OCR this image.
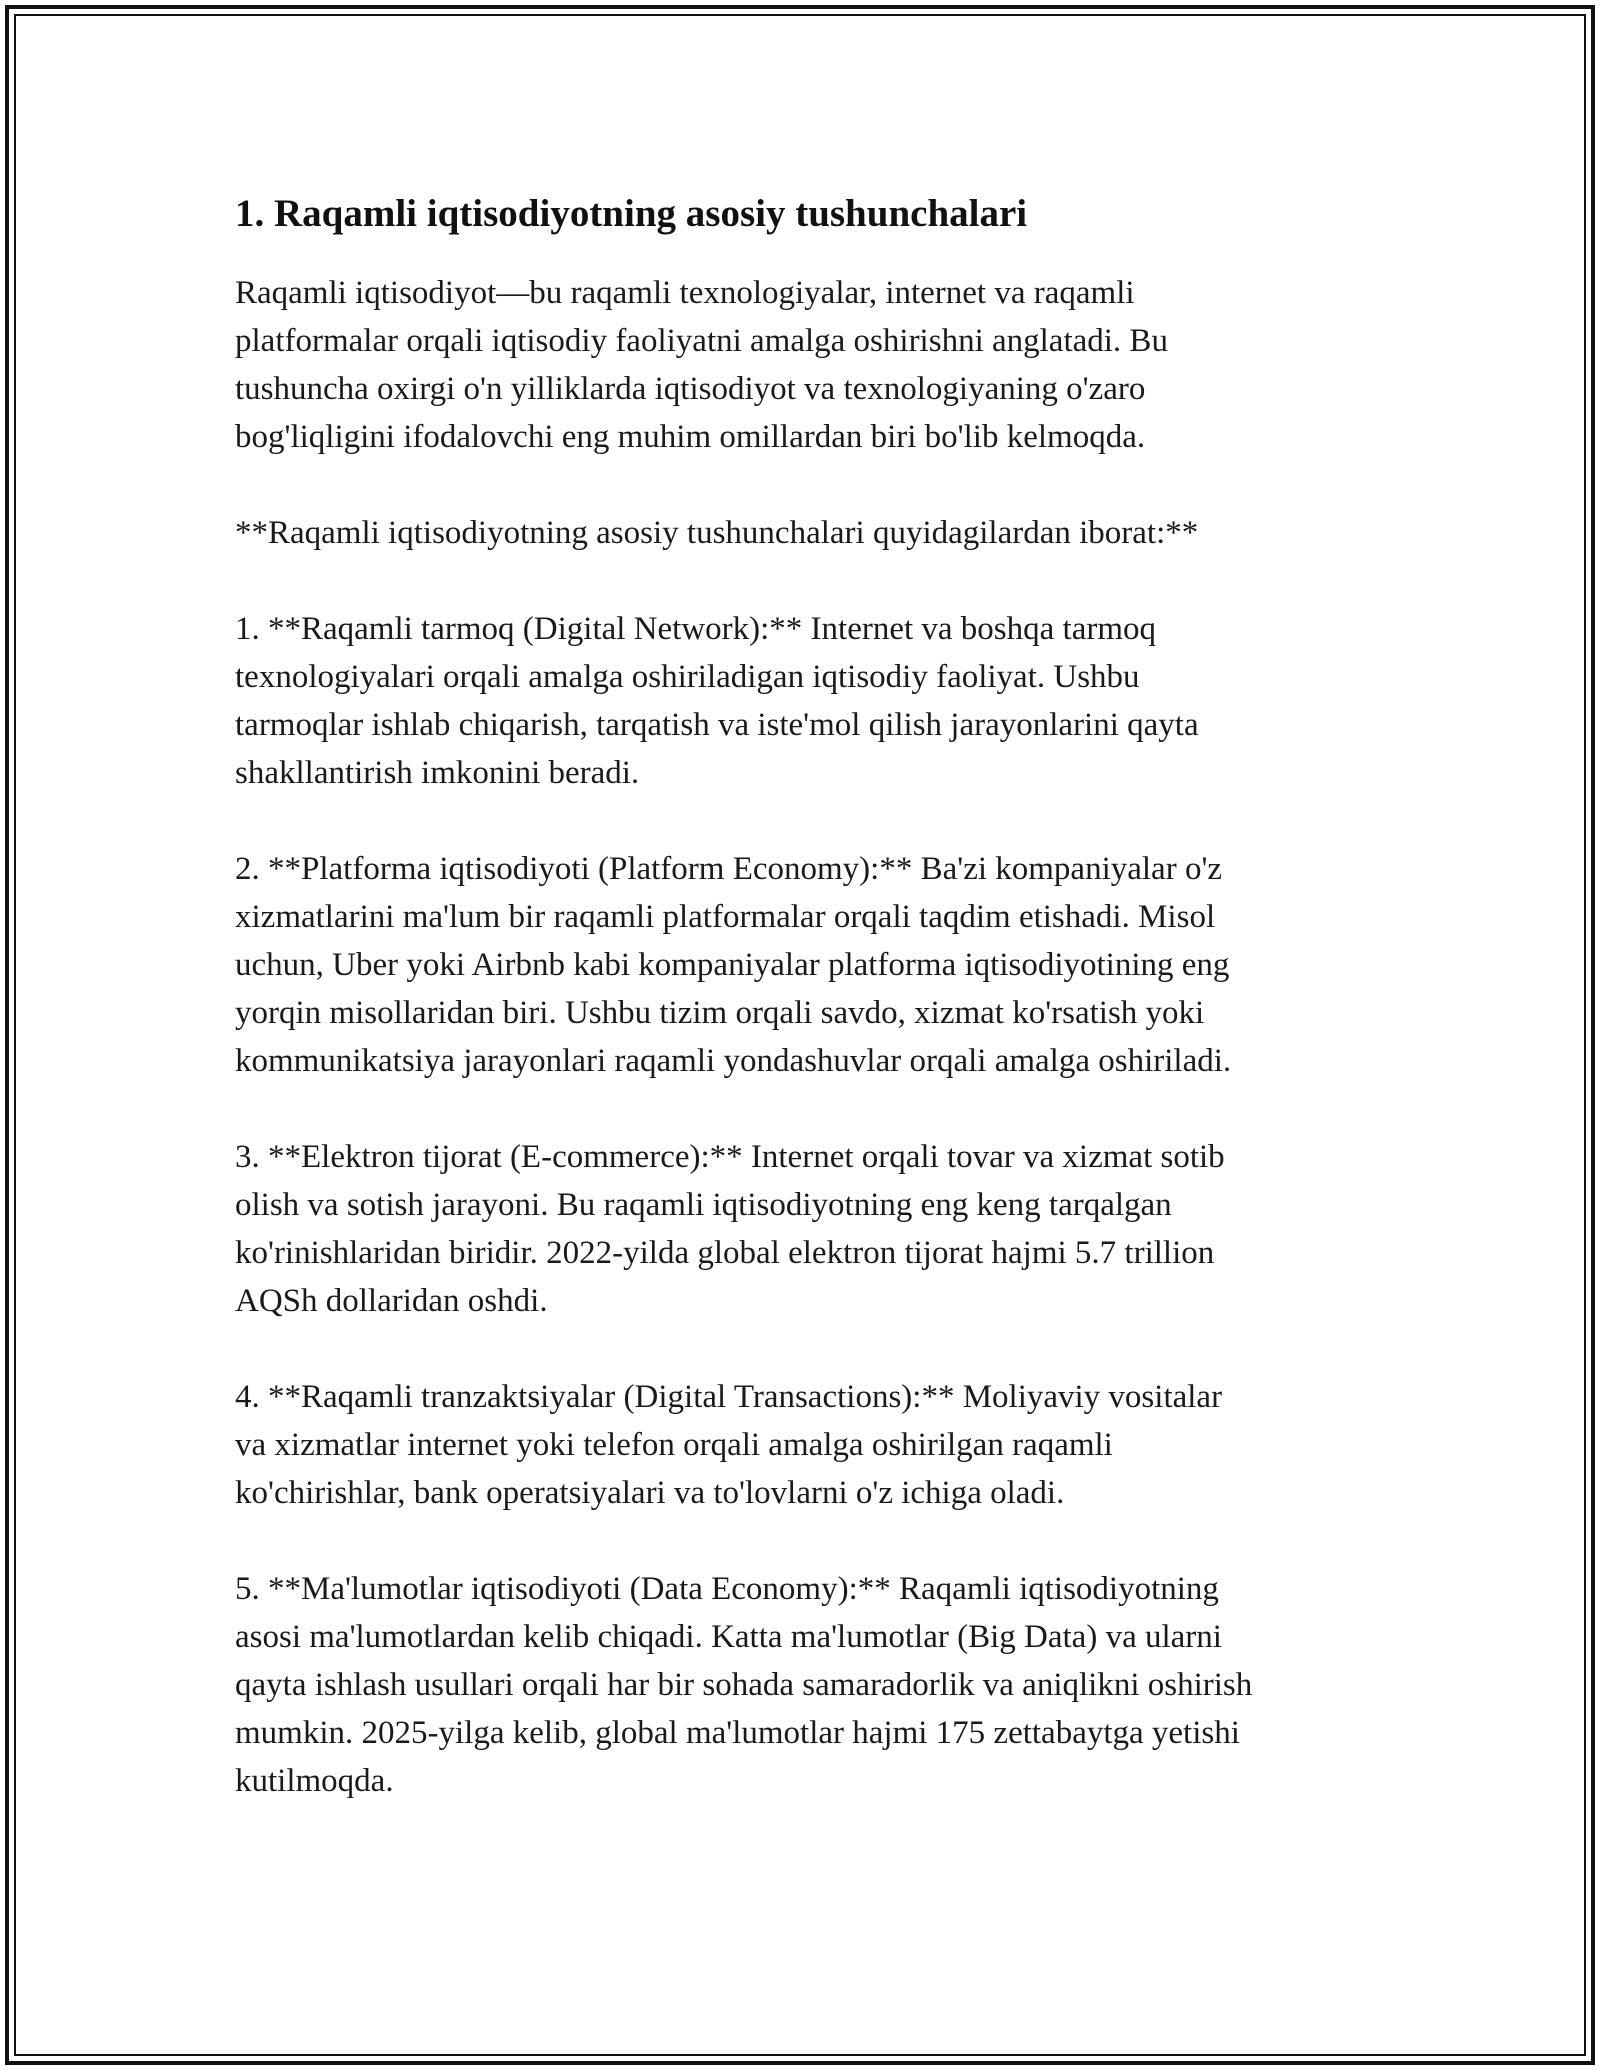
1. Raqamli iqtisodiyotning asosiy tushunchalari

Raqamli iqtisodiyot—bu raqamli texnologiyalar, internet va raqamli
platformalar orqali iqtisodiy faoliyatni amalga oshirishni anglatadi. Bu
tushuncha oxirgi o'n yilliklarda iqtisodiyot va texnologiyaning o'zaro
bog'liqligini ifodalovchi eng muhim omillardan biri bo'lib kelmoqda.

**Raqamli iqtisodiyotning asosiy tushunchalari quyidagilardan iborat:**

1. **Raqamli tarmoq (Digital Network):** Internet va boshqa tarmoq
texnologiyalari orqali amalga oshiriladigan iqtisodiy faoliyat. Ushbu
tarmoqlar ishlab chiqarish, tarqatish va iste'mol qilish jarayonlarini qayta
shakllantirish imkonini beradi.

2. **Platforma iqtisodiyoti (Platform Economy):** Ba'zi kompaniyalar o'z
xizmatlarini ma'lum bir raqamli platformalar orqali taqdim etishadi. Misol
uchun, Uber yoki Airbnb kabi kompaniyalar platforma iqtisodiyotining eng
yorqin misollaridan biri. Ushbu tizim orqali savdo, xizmat ko'rsatish yoki
kommunikatsiya jarayonlari raqamli yondashuvlar orqali amalga oshiriladi.

3. **Elektron tijorat (E-commerce):** Internet orqali tovar va xizmat sotib
olish va sotish jarayoni. Bu raqamli iqtisodiyotning eng keng tarqalgan
ko'rinishlaridan biridir. 2022-yilda global elektron tijorat hajmi 5.7 trillion
AQSh dollaridan oshdi.

4. **Raqamli tranzaktsiyalar (Digital Transactions):** Moliyaviy vositalar
va xizmatlar internet yoki telefon orqali amalga oshirilgan raqamli
ko'chirishlar, bank operatsiyalari va to'lovlarni o'z ichiga oladi.

5. **Ma'lumotlar iqtisodiyoti (Data Economy):** Raqamli iqtisodiyotning
asosi ma'lumotlardan kelib chiqadi. Katta ma'lumotlar (Big Data) va ularni
qayta ishlash usullari orqali har bir sohada samaradorlik va aniqlikni oshirish
mumkin. 2025-yilga kelib, global ma'lumotlar hajmi 175 zettabaytga yetishi
kutilmoqda.
